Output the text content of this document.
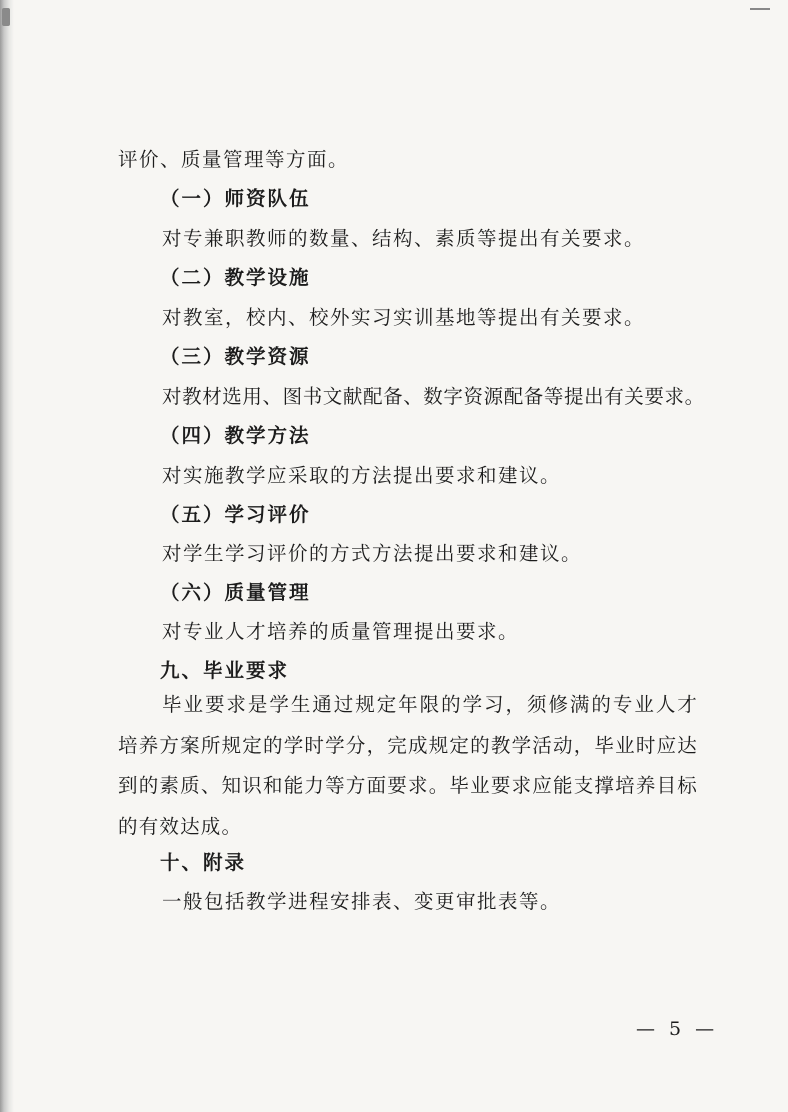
评价、质量管理等方面。
（一）师资队伍
对专兼职教师的数量、结构、素质等提出有关要求。
（二）教学设施
对教室，校内、校外实习实训基地等提出有关要求。
（三）教学资源
对教材选用、图书文献配备、数字资源配备等提出有关要求。
（四）教学方法
对实施教学应采取的方法提出要求和建议。
（五）学习评价
对学生学习评价的方式方法提出要求和建议。
（六）质量管理
对专业人才培养的质量管理提出要求。
九、毕业要求
毕业要求是学生通过规定年限的学习，须修满的专业人才培养方案所规定的学时学分，完成规定的教学活动，毕业时应达到的素质、知识和能力等方面要求。毕业要求应能支撑培养目标的有效达成。
十、附录
一般包括教学进程安排表、变更审批表等。
— 5 —
